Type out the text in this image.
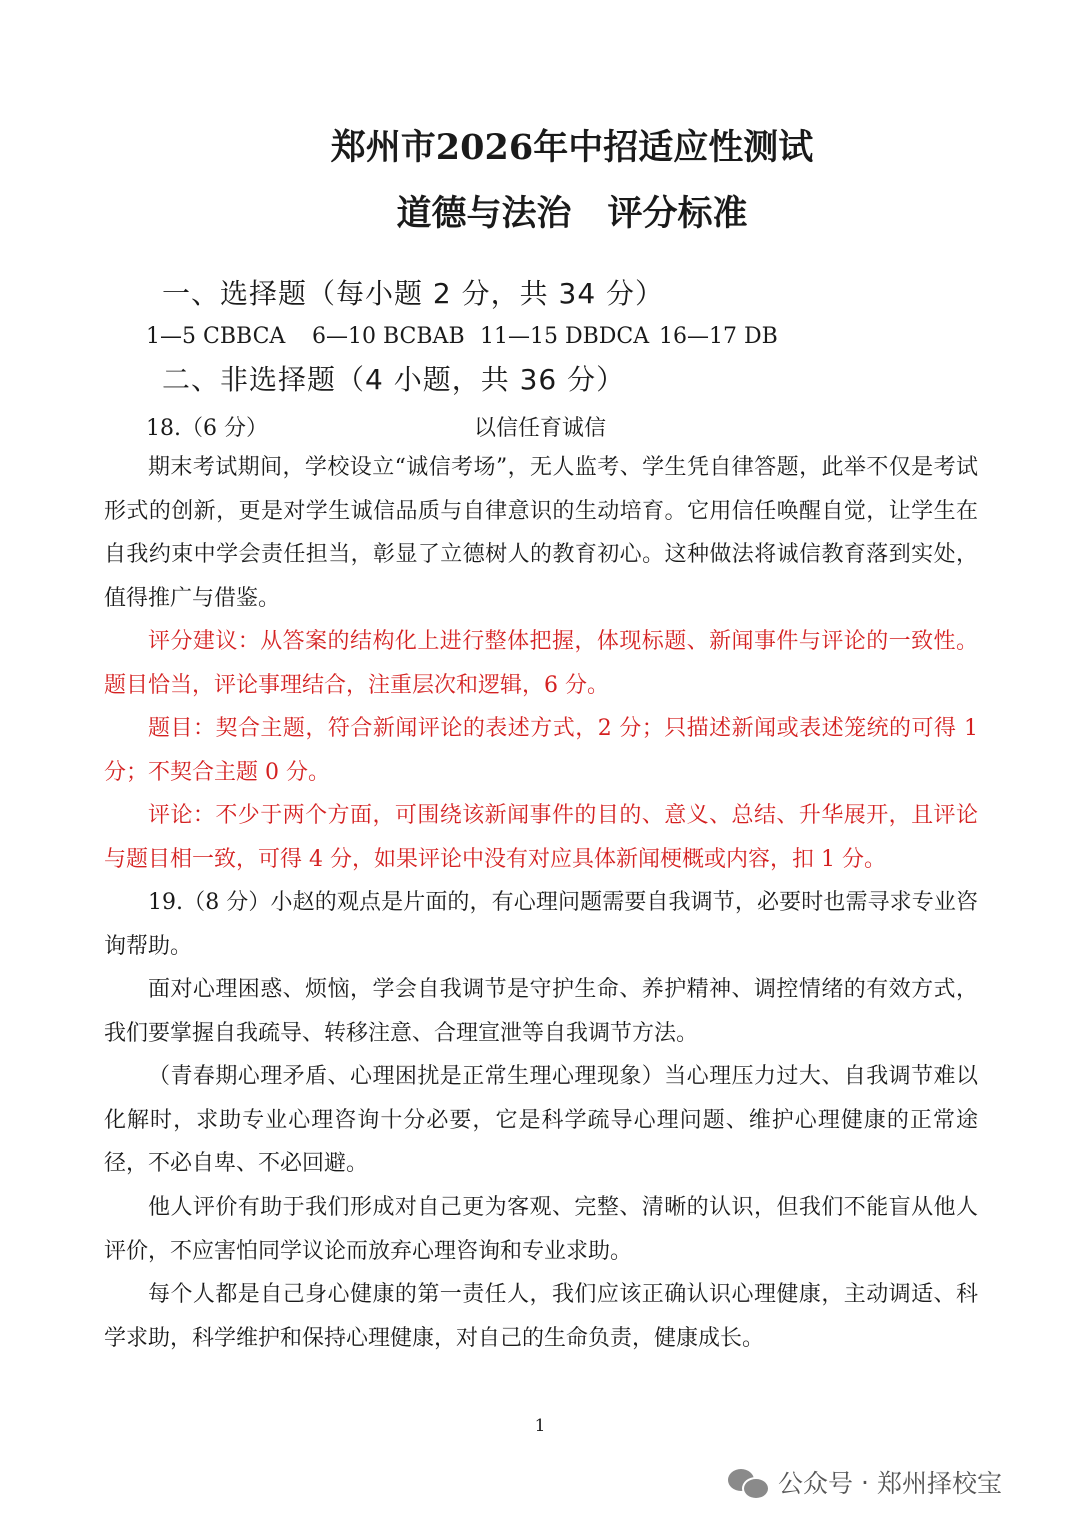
郑州市2026年中招适应性测试
道德与法治 评分标准
一、选择题（每小题 2 分，共 34 分）
1—5 CBBCA 6—10 BCBAB 11—15 DBDCA 16—17 DB
二、非选择题（4 小题，共 36 分）
18.（6 分）	以信任育诚信

期末考试期间，学校设立“诚信考场”，无人监考、学生凭自律答题，此举不仅是考试形式的创新，更是对学生诚信品质与自律意识的生动培育。它用信任唤醒自觉，让学生在自我约束中学会责任担当，彰显了立德树人的教育初心。这种做法将诚信教育落到实处，值得推广与借鉴。

评分建议：从答案的结构化上进行整体把握，体现标题、新闻事件与评论的一致性。题目恰当，评论事理结合，注重层次和逻辑，6 分。

题目：契合主题，符合新闻评论的表述方式，2 分；只描述新闻或表述笼统的可得 1 分；不契合主题 0 分。

评论：不少于两个方面，可围绕该新闻事件的目的、意义、总结、升华展开，且评论与题目相一致，可得 4 分，如果评论中没有对应具体新闻梗概或内容，扣 1 分。

19.（8 分）小赵的观点是片面的，有心理问题需要自我调节，必要时也需寻求专业咨询帮助。

面对心理困惑、烦恼，学会自我调节是守护生命、养护精神、调控情绪的有效方式，我们要掌握自我疏导、转移注意、合理宣泄等自我调节方法。

（青春期心理矛盾、心理困扰是正常生理心理现象）当心理压力过大、自我调节难以化解时，求助专业心理咨询十分必要，它是科学疏导心理问题、维护心理健康的正常途径，不必自卑、不必回避。

他人评价有助于我们形成对自己更为客观、完整、清晰的认识，但我们不能盲从他人评价，不应害怕同学议论而放弃心理咨询和专业求助。

每个人都是自己身心健康的第一责任人，我们应该正确认识心理健康，主动调适、科学求助，科学维护和保持心理健康，对自己的生命负责，健康成长。

1
公众号 · 郑州择校宝
